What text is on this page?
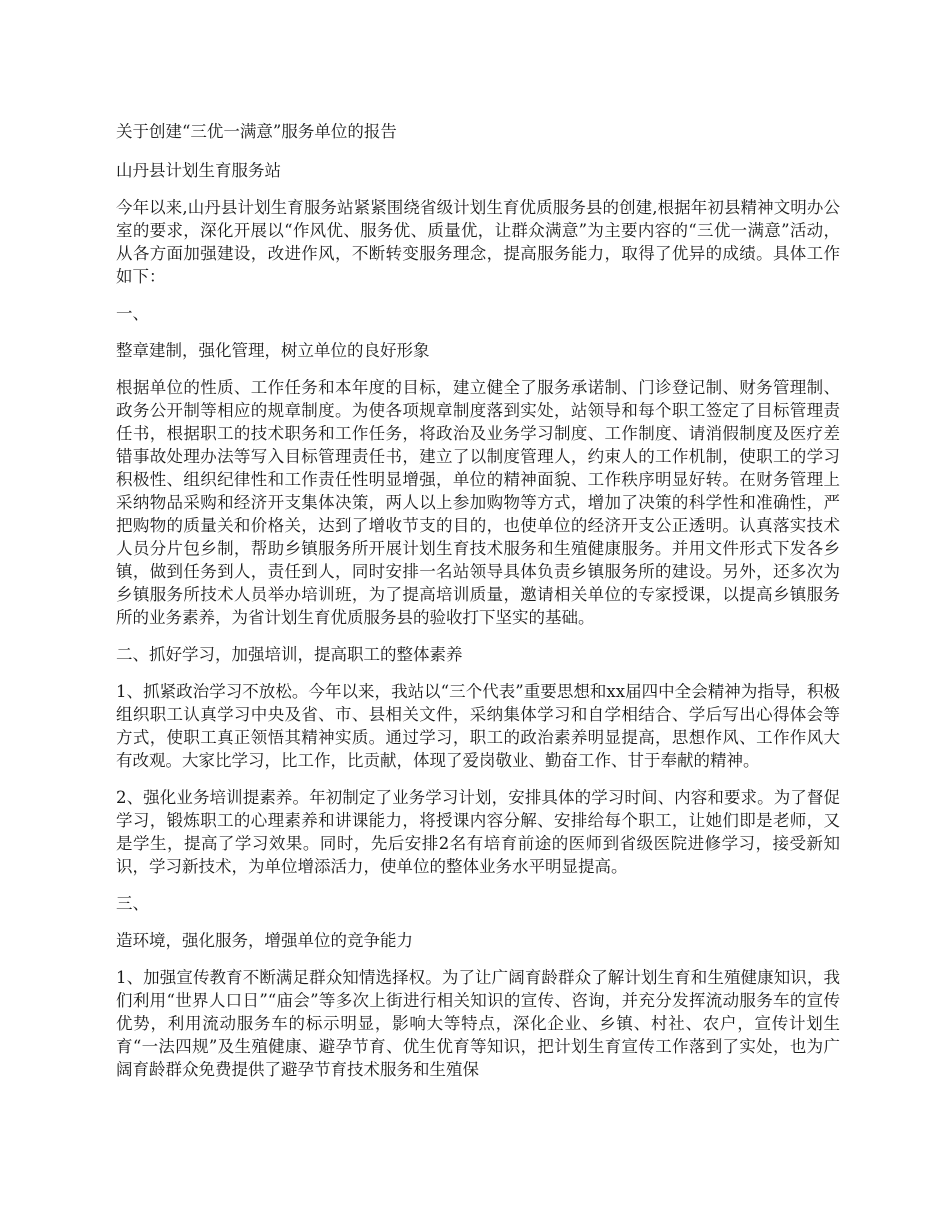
关于创建“三优一满意”服务单位的报告

山丹县计划生育服务站

今年以来,山丹县计划生育服务站紧紧围绕省级计划生育优质服务县的创建,根据年初县精神文明办公室的要求，深化开展以“作风优、服务优、质量优，让群众满意”为主要内容的“三优一满意”活动，从各方面加强建设，改进作风，不断转变服务理念，提高服务能力，取得了优异的成绩。具体工作如下：

一、

整章建制，强化管理，树立单位的良好形象

根据单位的性质、工作任务和本年度的目标，建立健全了服务承诺制、门诊登记制、财务管理制、政务公开制等相应的规章制度。为使各项规章制度落到实处，站领导和每个职工签定了目标管理责任书，根据职工的技术职务和工作任务，将政治及业务学习制度、工作制度、请消假制度及医疗差错事故处理办法等写入目标管理责任书，建立了以制度管理人，约束人的工作机制，使职工的学习积极性、组织纪律性和工作责任性明显增强，单位的精神面貌、工作秩序明显好转。在财务管理上采纳物品采购和经济开支集体决策，两人以上参加购物等方式，增加了决策的科学性和准确性，严把购物的质量关和价格关，达到了增收节支的目的，也使单位的经济开支公正透明。认真落实技术人员分片包乡制，帮助乡镇服务所开展计划生育技术服务和生殖健康服务。并用文件形式下发各乡镇，做到任务到人，责任到人，同时安排一名站领导具体负责乡镇服务所的建设。另外，还多次为乡镇服务所技术人员举办培训班，为了提高培训质量，邀请相关单位的专家授课，以提高乡镇服务所的业务素养，为省计划生育优质服务县的验收打下坚实的基础。

二、抓好学习，加强培训，提高职工的整体素养

1、抓紧政治学习不放松。今年以来，我站以“三个代表”重要思想和xx届四中全会精神为指导，积极组织职工认真学习中央及省、市、县相关文件，采纳集体学习和自学相结合、学后写出心得体会等方式，使职工真正领悟其精神实质。通过学习，职工的政治素养明显提高，思想作风、工作作风大有改观。大家比学习，比工作，比贡献，体现了爱岗敬业、勤奋工作、甘于奉献的精神。

2、强化业务培训提素养。年初制定了业务学习计划，安排具体的学习时间、内容和要求。为了督促学习，锻炼职工的心理素养和讲课能力，将授课内容分解、安排给每个职工，让她们即是老师，又是学生，提高了学习效果。同时，先后安排2名有培育前途的医师到省级医院进修学习，接受新知识，学习新技术，为单位增添活力，使单位的整体业务水平明显提高。

三、

造环境，强化服务，增强单位的竞争能力

1、加强宣传教育不断满足群众知情选择权。为了让广阔育龄群众了解计划生育和生殖健康知识，我们利用“世界人口日”“庙会”等多次上街进行相关知识的宣传、咨询，并充分发挥流动服务车的宣传优势，利用流动服务车的标示明显，影响大等特点，深化企业、乡镇、村社、农户，宣传计划生育“一法四规”及生殖健康、避孕节育、优生优育等知识，把计划生育宣传工作落到了实处，也为广阔育龄群众免费提供了避孕节育技术服务和生殖保
